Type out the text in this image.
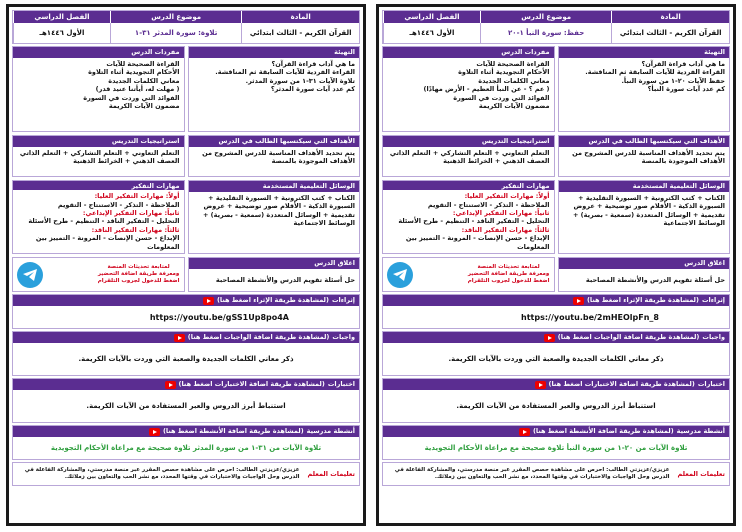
المادة
موضوع الدرس
الفصل الدراسي
القرآن الكريم - الثالث ابتدائي
تلاوة: سورة المدثر ٣١-١
الأول ١٤٤٦هـ
التهيئة
ما هي آداب قراءة القرآن؟
القراءة الفردية للآيات السابقة ثم المناقشة.
تلاوة الآيات ٣١-١ من سورة المدثر.
كم عدد آيات سورة المدثر؟
مفردات الدرس
القراءة الصحيحة للآيات
الأحكام التجويدية أثناء التلاوة
معاني الكلمات الجديدة
( مهلت له، أيأتنا عنيد قدر)
الفوائد التي وردت في السورة
مضمون الآيات الكريمة
الأهداف التي سيكتسبها الطالب في الدرس
يتم تحديد الأهداف المناسبة للدرس المشروح من الأهداف الموجودة بالمنصة
استراتيجيات التدريس
التعلم التعاوني + التعلم التشاركي + التعلم الذاتي
العصف الذهني + الخرائط الذهنية
الوسائل التعليمية المستخدمة
الكتاب + كتب الكترونية + السبورة التقليدية + السبورة الذكية - الأقلام صور توضيحية + عروض تقديمية + الوسائل المتعددة (سمعية - بصرية) + الوسائط الاجتماعية
مهارات التفكير
أولاً: مهارات التفكير العليا:
الملاحظة - التذكر - الاستنتاج - التقويم
ثانياً: مهارات التفكير الإبداعي:
التحليل - التفكير الناقد - التنظيم - طرح الأسئلة
ثالثاً: مهارات التفكير الناقد:
الإبداع - حسن الإنصات - المرونة - التمييز بين المعلومات
اغلاق الدرس
حل أسئلة تقويم الدرس والأنشطة المصاحبة
لمتابعة تحديثات المنصة
ومعرفة طريقة اضافة التحضير
اضغط للدخول لجروب التلقرام
إثراءات
(لمشاهدة طريقة الإثراء اضغط هنا)
https://youtu.be/gSS1Up8po4A
واجبات
(لمشاهدة طريقة اضافة الواجبات اضغط هنا)
ذكر معاني الكلمات الجديدة والصعبة التي وردت بالآيات الكريمة.
اختبارات
(لمشاهدة طريقة اضافة الاختبارات اضغط هنا)
استنباط أبرز الدروس والعبر المستفادة من الآيات الكريمة.
أنشطة مدرسية
(لمشاهدة طريقة اضافة الأنشطة اضغط هنا)
تلاوة الآيات من ٣١-١ من سورة المدثر تلاوة صحيحة مع مراعاة الأحكام التجويدية
تعليمات المعلم
عزيزي/عزيزتي الطالب: احرص على مشاهدة حصص المقرر عبر منصة مدرستي، والمشاركة الفاعلة في الدرس وحل الواجبات والاختبارات في وقتها المحدد، مع نشر الحب والتعاون بين زملائك.
المادة
موضوع الدرس
الفصل الدراسي
القرآن الكريم - الثالث ابتدائي
حفظ: سورة النبأ ١-٢٠
الأول ١٤٤٦هـ
التهيئة
ما هي آداب قراءة القرآن؟
القراءة الفردية للآيات السابقة ثم المناقشة.
حفظ الآيات ٢٠-١ من سورة النبأ.
كم عدد آيات سورة النبأ؟
مفردات الدرس
القراءة الصحيحة للآيات
الأحكام التجويدية أثناء التلاوة
معاني الكلمات الجديدة
( عم ؟ - عن النبأ العظيم - الأرض مهادًا)
الفوائد التي وردت في السورة
مضمون الآيات الكريمة
الأهداف التي سيكتسبها الطالب في الدرس
يتم تحديد الأهداف المناسبة للدرس المشروح من الأهداف الموجودة بالمنصة
استراتيجيات التدريس
التعلم التعاوني + التعلم التشاركي + التعلم الذاتي
العصف الذهني + الخرائط الذهنية
الوسائل التعليمية المستخدمة
الكتاب + كتب الكترونية + السبورة التقليدية + السبورة الذكية - الأقلام صور توضيحية + عروض تقديمية + الوسائل المتعددة (سمعية - بصرية) + الوسائط الاجتماعية
مهارات التفكير
أولاً: مهارات التفكير العليا:
الملاحظة - التذكر - الاستنتاج - التقويم
ثانياً: مهارات التفكير الإبداعي:
التحليل - التفكير الناقد - التنظيم - طرح الأسئلة
ثالثاً: مهارات التفكير الناقد:
الإبداع - حسن الإنصات - المرونة - التمييز بين المعلومات
اغلاق الدرس
حل أسئلة تقويم الدرس والأنشطة المصاحبة
لمتابعة تحديثات المنصة
ومعرفة طريقة اضافة التحضير
اضغط للدخول لجروب التلقرام
إثراءات
(لمشاهدة طريقة الإثراء اضغط هنا)
https://youtu.be/2mHEOlpFn_8
واجبات
(لمشاهدة طريقة اضافة الواجبات اضغط هنا)
ذكر معاني الكلمات الجديدة والصعبة التي وردت بالآيات الكريمة.
اختبارات
(لمشاهدة طريقة اضافة الاختبارات اضغط هنا)
استنباط أبرز الدروس والعبر المستفادة من الآيات الكريمة.
أنشطة مدرسية
(لمشاهدة طريقة اضافة الأنشطة اضغط هنا)
تلاوة الآيات من ٢٠-١ من سورة النبأ تلاوة صحيحة مع مراعاة الأحكام التجويدية
تعليمات المعلم
عزيزي/عزيزتي الطالب: احرص على مشاهدة حصص المقرر عبر منصة مدرستي، والمشاركة الفاعلة في الدرس وحل الواجبات والاختبارات في وقتها المحدد، مع نشر الحب والتعاون بين زملائك.
